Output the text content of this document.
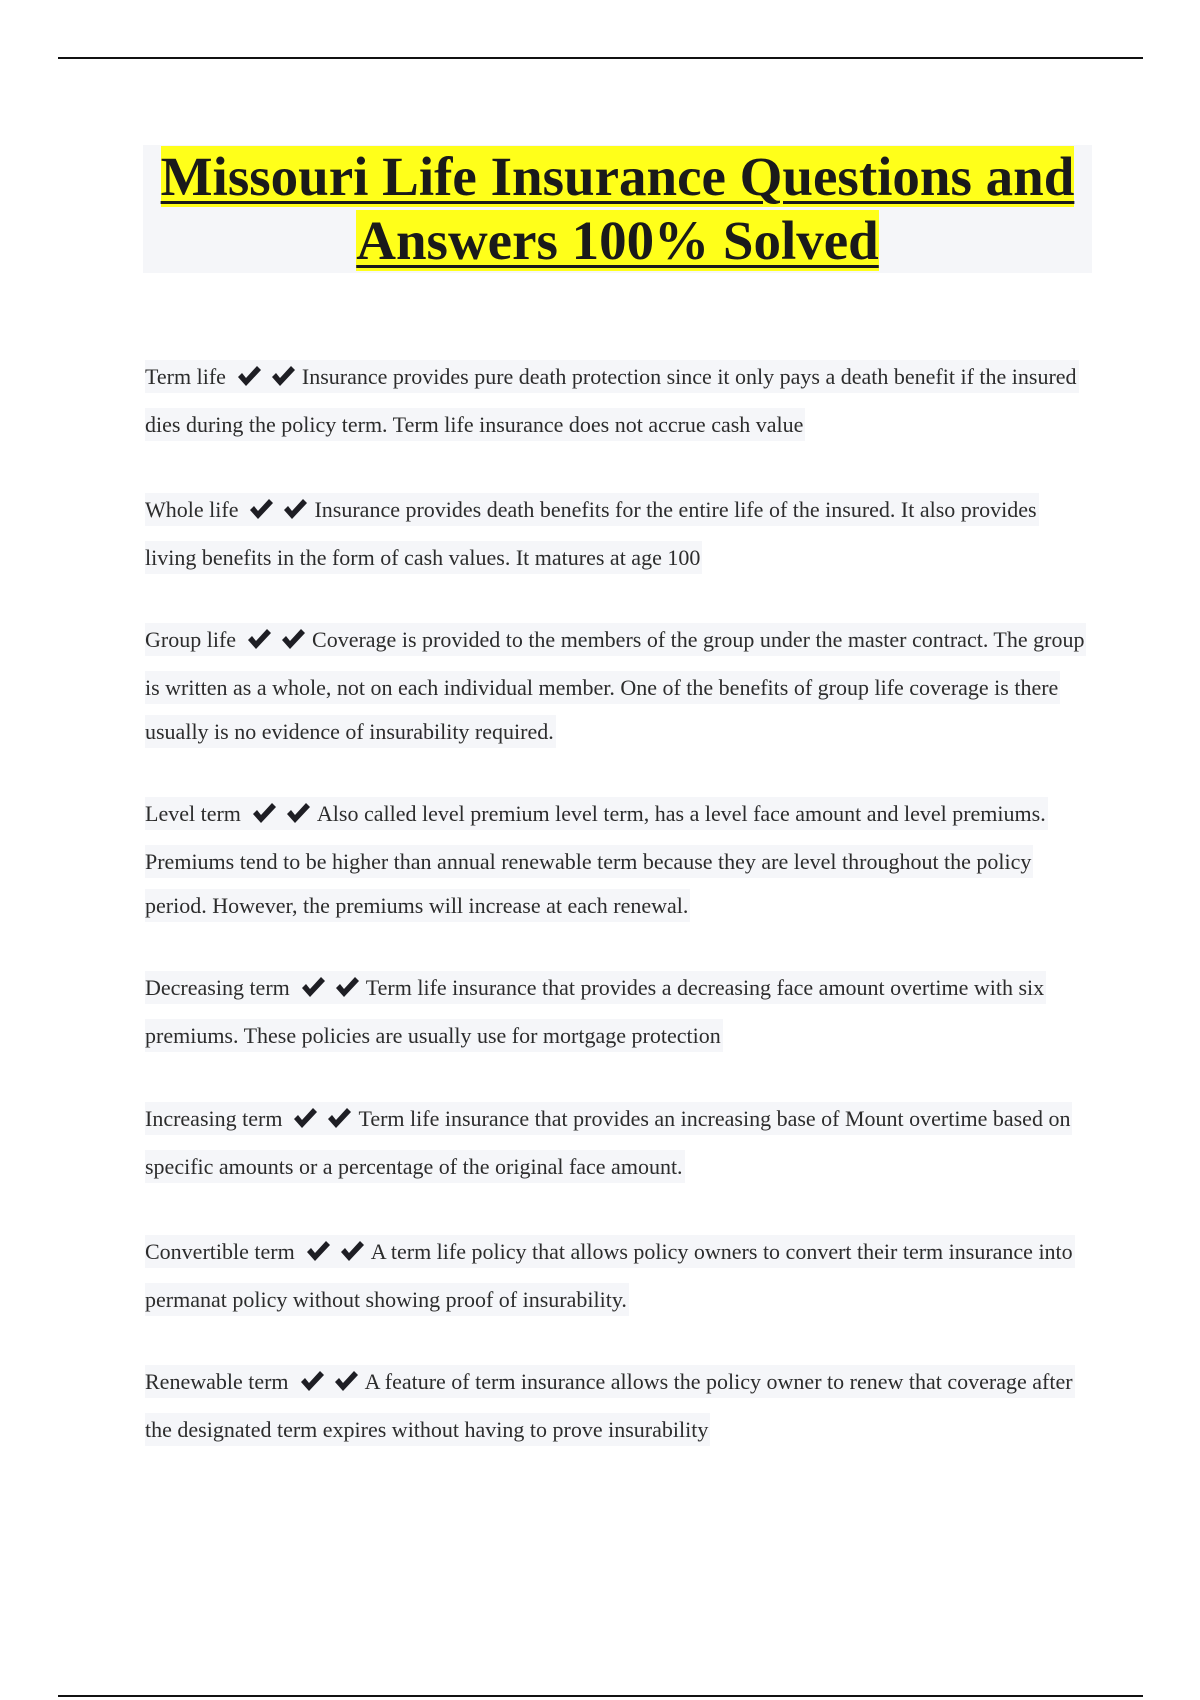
Missouri Life Insurance Questions and Answers 100% Solved

Term life	Insurance provides pure death protection since it only pays a death benefit if the insured dies during the policy term. Term life insurance does not accrue cash value

Whole life	Insurance provides death benefits for the entire life of the insured. It also provides living benefits in the form of cash values. It matures at age 100

Group life	Coverage is provided to the members of the group under the master contract. The group is written as a whole, not on each individual member. One of the benefits of group life coverage is there usually is no evidence of insurability required.

Level term	Also called level premium level term, has a level face amount and level premiums. Premiums tend to be higher than annual renewable term because they are level throughout the policy period. However, the premiums will increase at each renewal.

Decreasing term	Term life insurance that provides a decreasing face amount overtime with six premiums. These policies are usually use for mortgage protection

Increasing term	Term life insurance that provides an increasing base of Mount overtime based on specific amounts or a percentage of the original face amount.

Convertible term	A term life policy that allows policy owners to convert their term insurance into permanat policy without showing proof of insurability.

Renewable term	A feature of term insurance allows the policy owner to renew that coverage after the designated term expires without having to prove insurability
